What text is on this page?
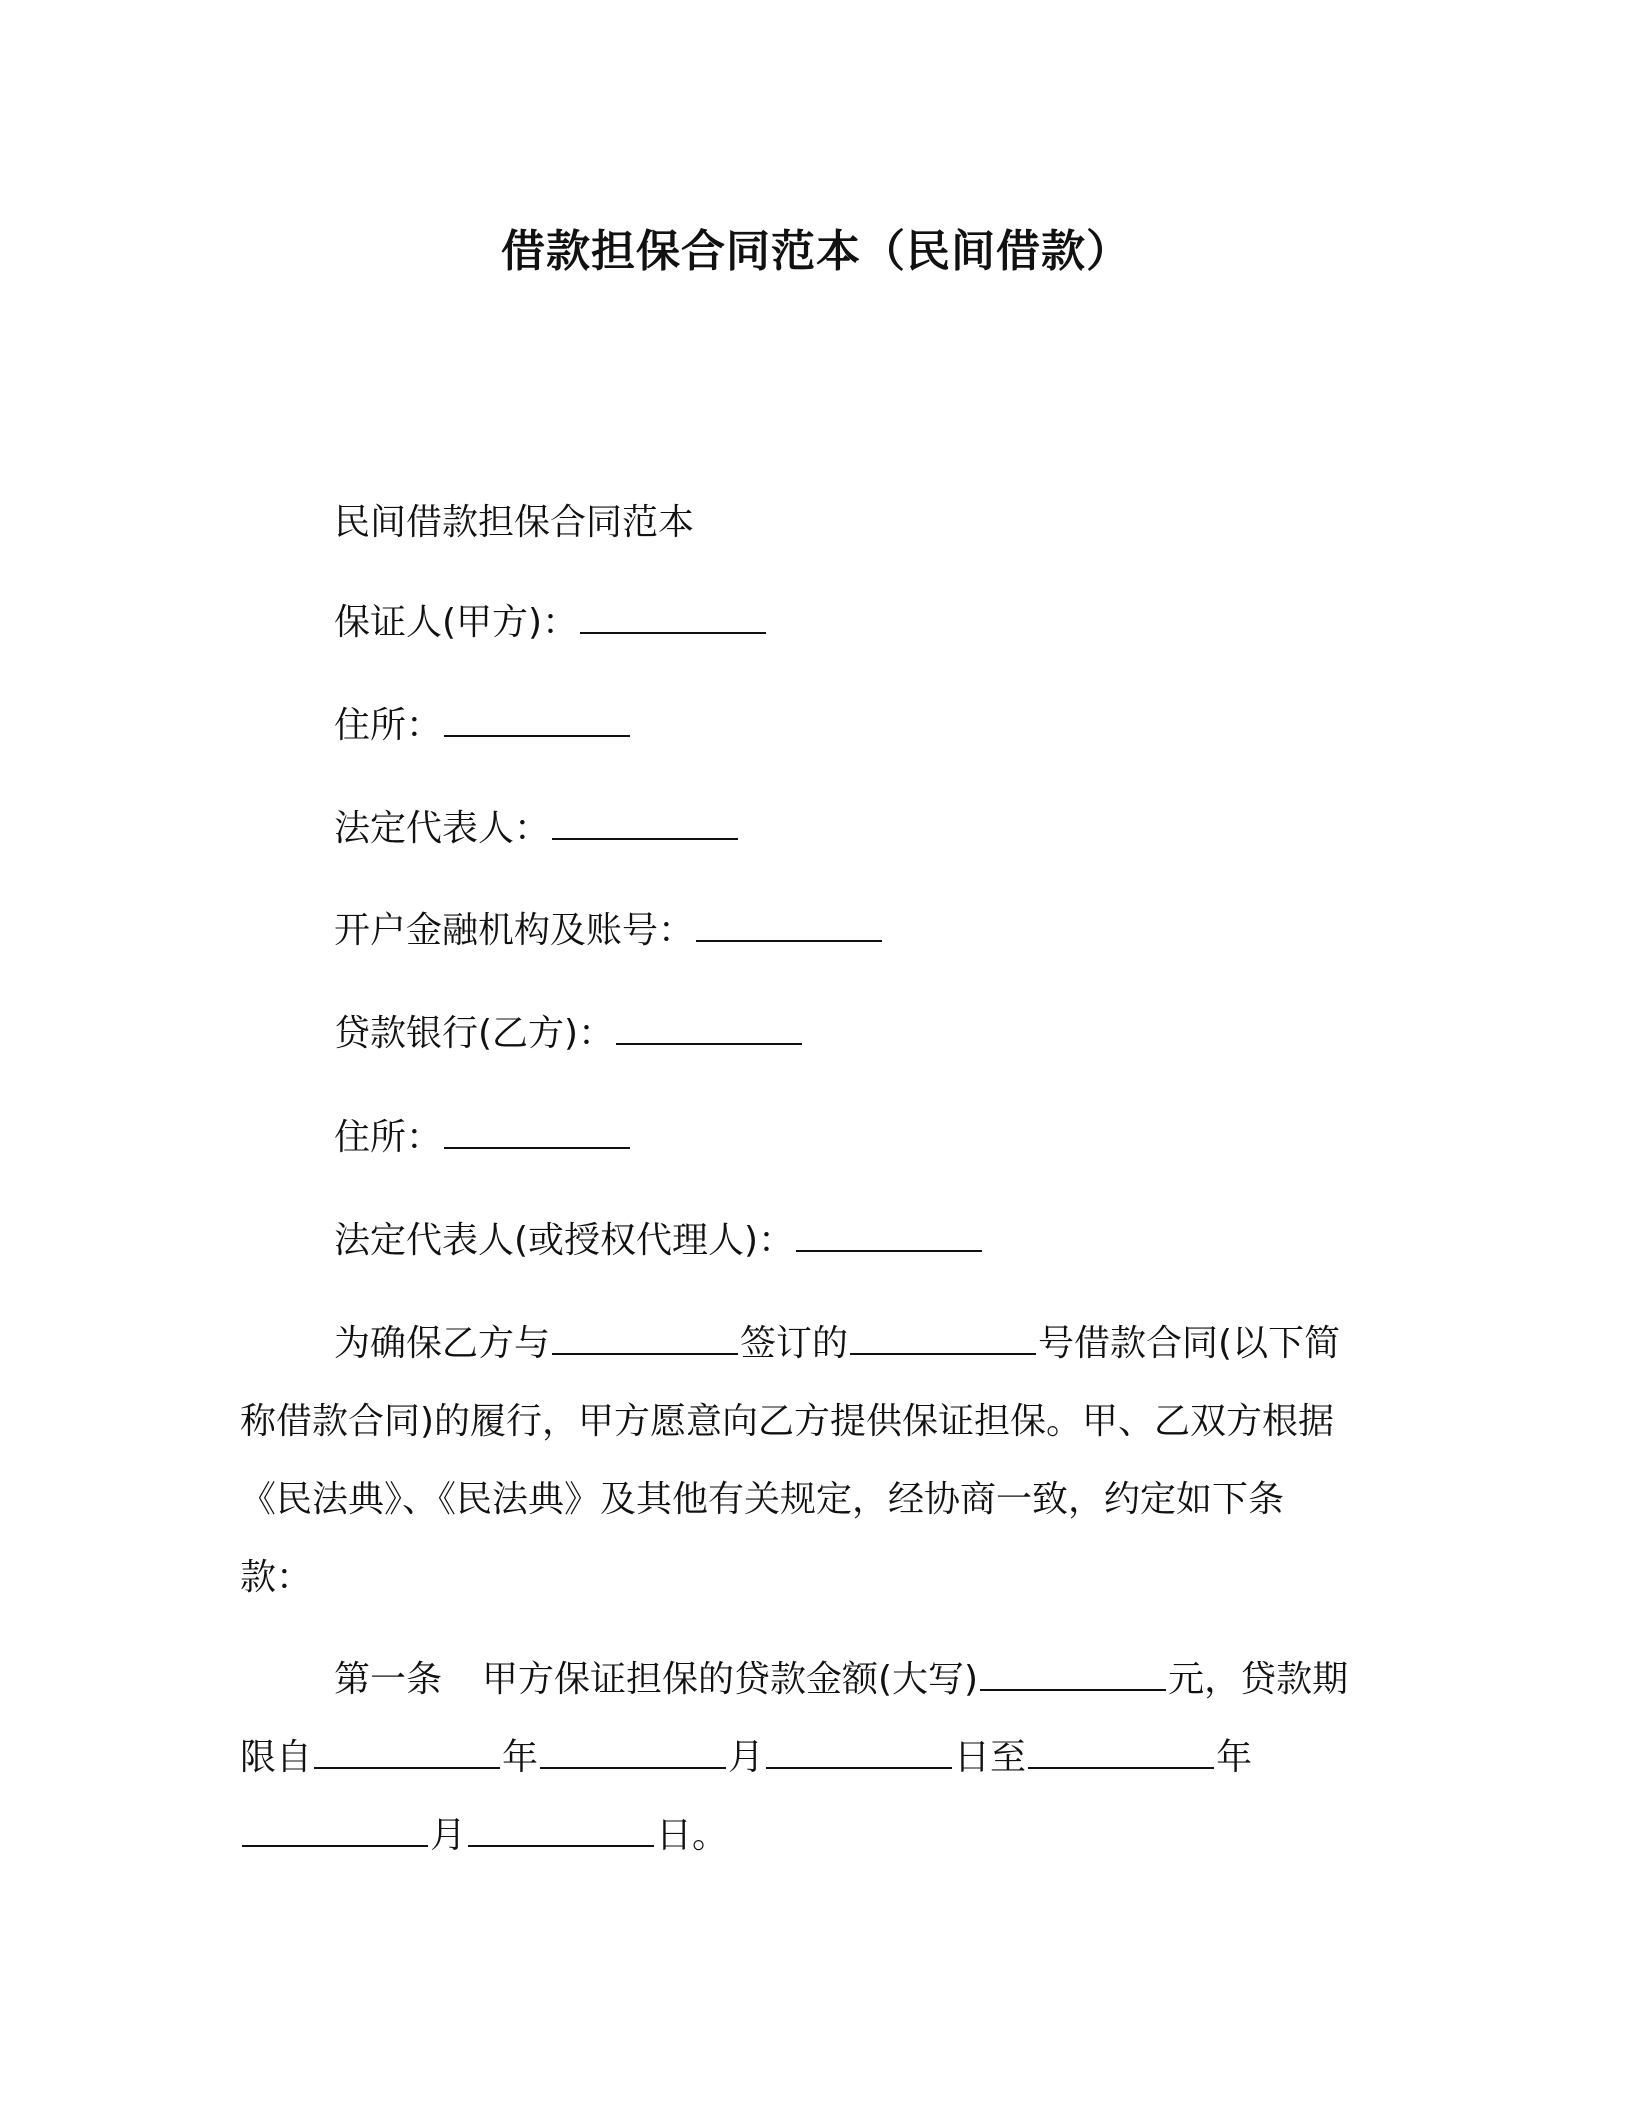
借款担保合同范本（民间借款）
民间借款担保合同范本
保证人(甲方)：
住所：
法定代表人：
开户金融机构及账号：
贷款银行(乙方)：
住所：
法定代表人(或授权代理人)：
为确保乙方与	签订的	号借款合同(以下简
称借款合同)的履行，甲方愿意向乙方提供保证担保。甲、乙双方根据
《民法典》、《民法典》及其他有关规定，经协商一致，约定如下条
款：
第一条 甲方保证担保的贷款金额(大写)	元，贷款期
限自	年	月	日至	年
月	日。
